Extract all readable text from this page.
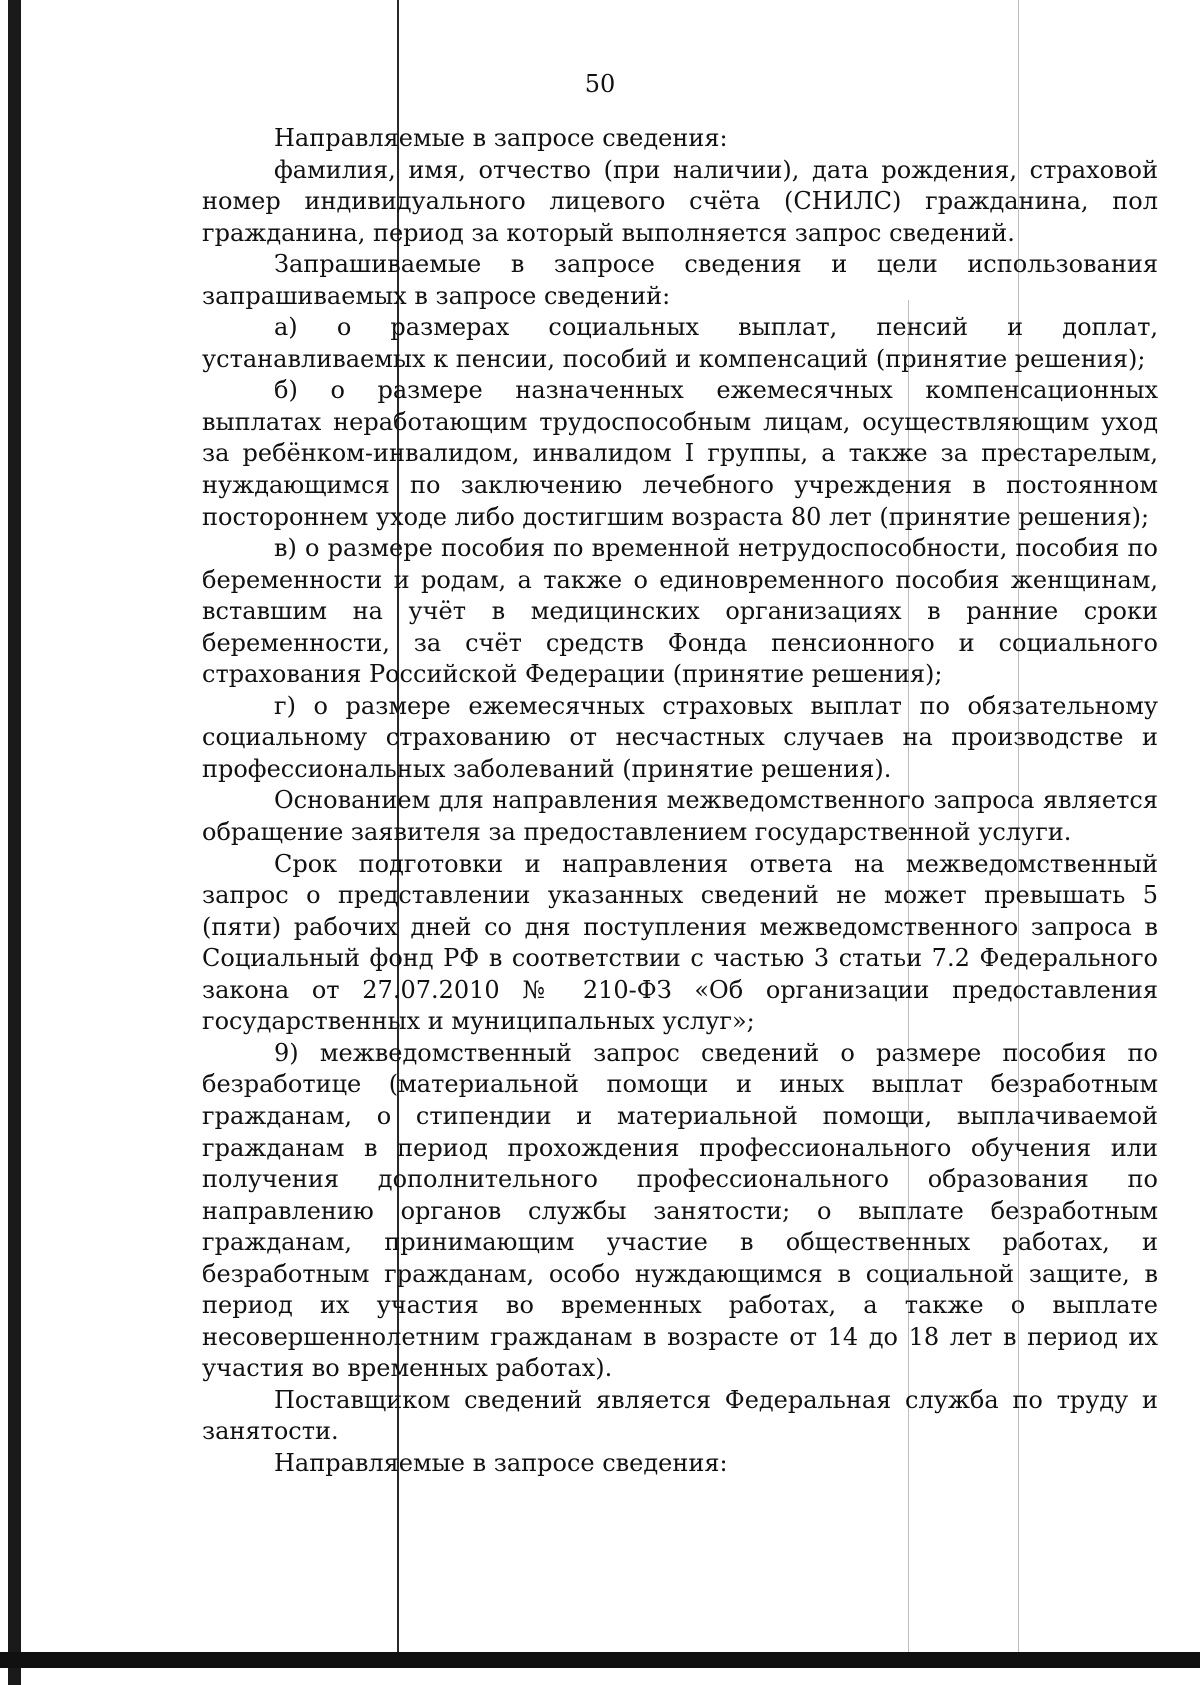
50

Направляемые в запросе сведения:

фамилия, имя, отчество (при наличии), дата рождения, страховой номер индивидуального лицевого счёта (СНИЛС) гражданина, пол гражданина, период за который выполняется запрос сведений.

Запрашиваемые в запросе сведения и цели использования запрашиваемых в запросе сведений:

а) о размерах социальных выплат, пенсий и доплат, устанавливаемых к пенсии, пособий и компенсаций (принятие решения);

б) о размере назначенных ежемесячных компенсационных выплатах неработающим трудоспособным лицам, осуществляющим уход за ребёнком-инвалидом, инвалидом I группы, а также за престарелым, нуждающимся по заключению лечебного учреждения в постоянном постороннем уходе либо достигшим возраста 80 лет (принятие решения);

в) о размере пособия по временной нетрудоспособности, пособия по беременности и родам, а также о единовременного пособия женщинам, вставшим на учёт в медицинских организациях в ранние сроки беременности, за счёт средств Фонда пенсионного и социального страхования Российской Федерации (принятие решения);

г) о размере ежемесячных страховых выплат по обязательному социальному страхованию от несчастных случаев на производстве и профессиональных заболеваний (принятие решения).

Основанием для направления межведомственного запроса является обращение заявителя за предоставлением государственной услуги.

Срок подготовки и направления ответа на межведомственный запрос о представлении указанных сведений не может превышать 5 (пяти) рабочих дней со дня поступления межведомственного запроса в Социальный фонд РФ в соответствии с частью 3 статьи 7.2 Федерального закона от 27.07.2010 № 210-ФЗ «Об организации предоставления государственных и муниципальных услуг»;

9) межведомственный запрос сведений о размере пособия по безработице (материальной помощи и иных выплат безработным гражданам, о стипендии и материальной помощи, выплачиваемой гражданам в период прохождения профессионального обучения или получения дополнительного профессионального образования по направлению органов службы занятости; о выплате безработным гражданам, принимающим участие в общественных работах, и безработным гражданам, особо нуждающимся в социальной защите, в период их участия во временных работах, а также о выплате несовершеннолетним гражданам в возрасте от 14 до 18 лет в период их участия во временных работах).

Поставщиком сведений является Федеральная служба по труду и занятости.

Направляемые в запросе сведения:
